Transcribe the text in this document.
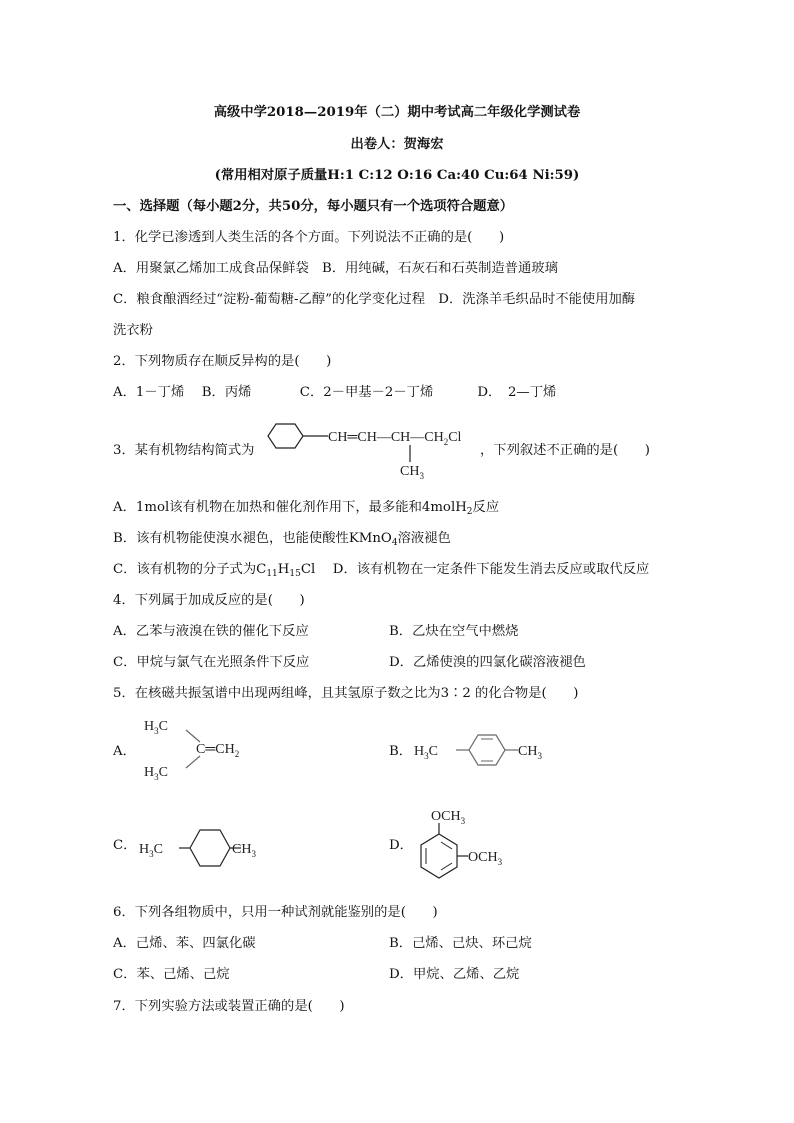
高级中学2018—2019年（二）期中考试高二年级化学测试卷
出卷人：贺海宏
(常用相对原子质量H:1 C:12 O:16 Ca:40 Cu:64 Ni:59)
一、选择题（每小题2分，共50分，每小题只有一个选项符合题意）
1．化学已渗透到人类生活的各个方面。下列说法不正确的是(　　)
A．用聚氯乙烯加工成食品保鲜袋　B．用纯碱，石灰石和石英制造普通玻璃
C．粮食酿酒经过“淀粉-葡萄糖-乙醇”的化学变化过程　D．洗涤羊毛织品时不能使用加酶
洗衣粉
2．下列物质存在顺反异构的是(　　)
A．1－丁烯　 B．丙烯　 　　 C．2－甲基－2－丁烯　 　　D．　2—丁烯
3．某有机物结构简式为
$CH═CH—CH—CH_2Cl$
$CH_3$
，下列叙述不正确的是(　　)
A．1mol该有机物在加热和催化剂作用下，最多能和4molH$_2$反应
B．该有机物能使溴水褪色，也能使酸性KMnO$_4$溶液褪色
C．该有机物的分子式为$C_{11}H_{15}Cl$　 D．该有机物在一定条件下能发生消去反应或取代反应
4．下列属于加成反应的是(　　)
A．乙苯与液溴在铁的催化下反应	B．乙炔在空气中燃烧
C．甲烷与氯气在光照条件下反应	D．乙烯使溴的四氯化碳溶液褪色
5．在核磁共振氢谱中出现两组峰，且其氢原子数之比为3∶2 的化合物是(　　)
A．
$H_3C$
$C═CH_2$
$H_3C$
B． $H_3C$	$CH_3$
C． $H_3C$	$CH_3$
D．
$OCH_3$
$OCH_3$
6．下列各组物质中，只用一种试剂就能鉴别的是(　　)
A．己烯、苯、四氯化碳	B．己烯、己炔、环己烷
C．苯、己烯、己烷	D．甲烷、乙烯、乙烷
7．下列实验方法或装置正确的是(　　)
